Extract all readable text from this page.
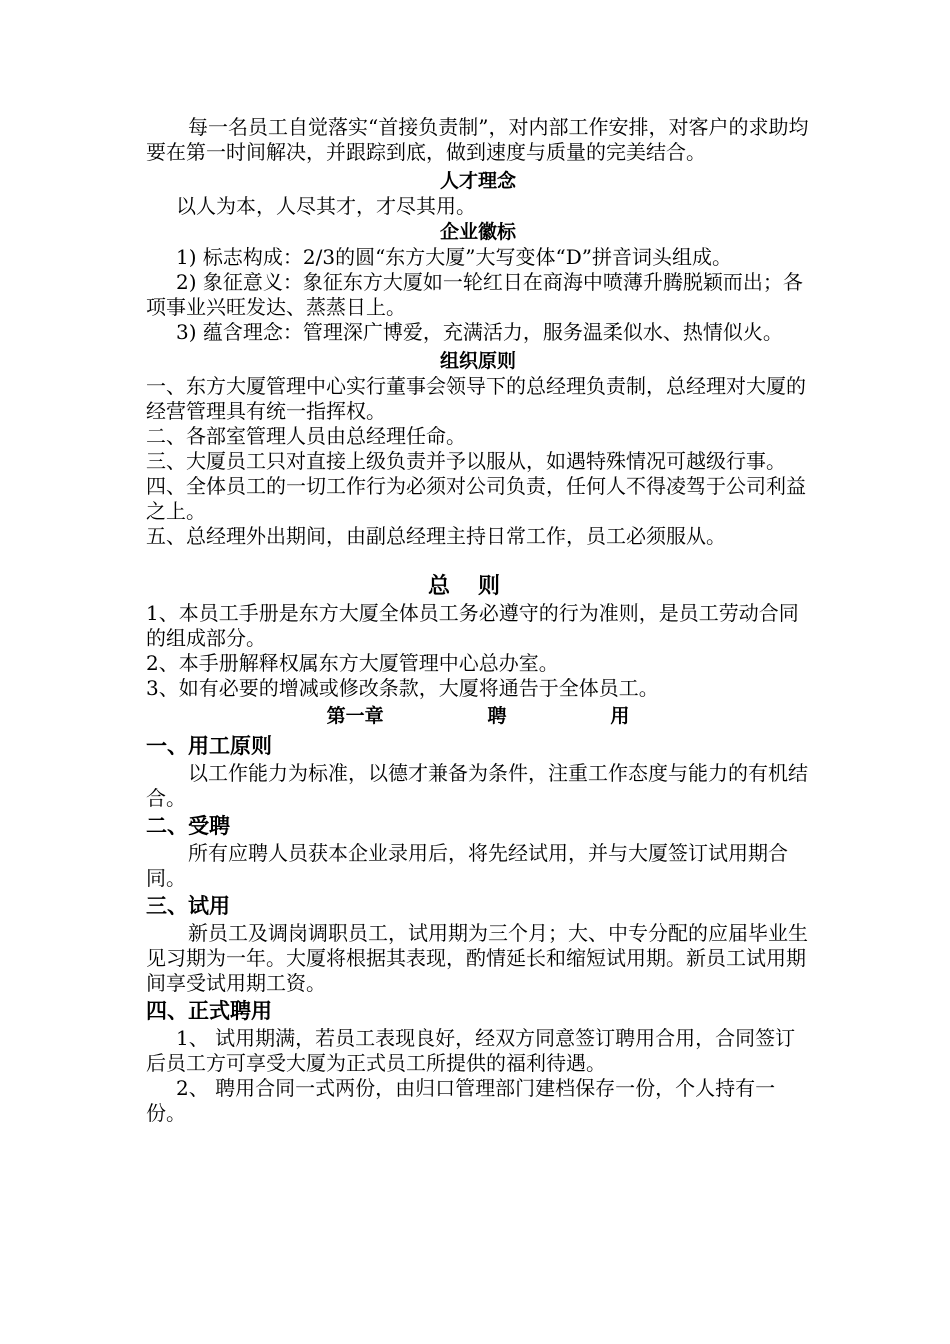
每一名员工自觉落实“首接负责制”，对内部工作安排，对客户的求助均要在第一时间解决，并跟踪到底，做到速度与质量的完美结合。

人才理念

以人为本，人尽其才，才尽其用。

企业徽标

1) 标志构成：2/3的圆“东方大厦”大写变体“D”拼音词头组成。

2) 象征意义：象征东方大厦如一轮红日在商海中喷薄升腾脱颖而出；各项事业兴旺发达、蒸蒸日上。

3) 蕴含理念：管理深广博爱，充满活力，服务温柔似水、热情似火。

组织原则

一、东方大厦管理中心实行董事会领导下的总经理负责制，总经理对大厦的经营管理具有统一指挥权。

二、各部室管理人员由总经理任命。

三、大厦员工只对直接上级负责并予以服从，如遇特殊情况可越级行事。

四、全体员工的一切工作行为必须对公司负责，任何人不得凌驾于公司利益之上。

五、总经理外出期间，由副总经理主持日常工作，员工必须服从。

总则

1、本员工手册是东方大厦全体员工务必遵守的行为准则，是员工劳动合同的组成部分。

2、本手册解释权属东方大厦管理中心总办室。

3、如有必要的增减或修改条款，大厦将通告于全体员工。

第一章   聘   用

一、用工原则

以工作能力为标准，以德才兼备为条件，注重工作态度与能力的有机结合。

二、受聘

所有应聘人员获本企业录用后，将先经试用，并与大厦签订试用期合同。

三、试用

新员工及调岗调职员工，试用期为三个月；大、中专分配的应届毕业生见习期为一年。大厦将根据其表现，酌情延长和缩短试用期。新员工试用期间享受试用期工资。

四、正式聘用

1、 试用期满，若员工表现良好，经双方同意签订聘用合用，合同签订后员工方可享受大厦为正式员工所提供的福利待遇。

2、 聘用合同一式两份，由归口管理部门建档保存一份，个人持有一份。
